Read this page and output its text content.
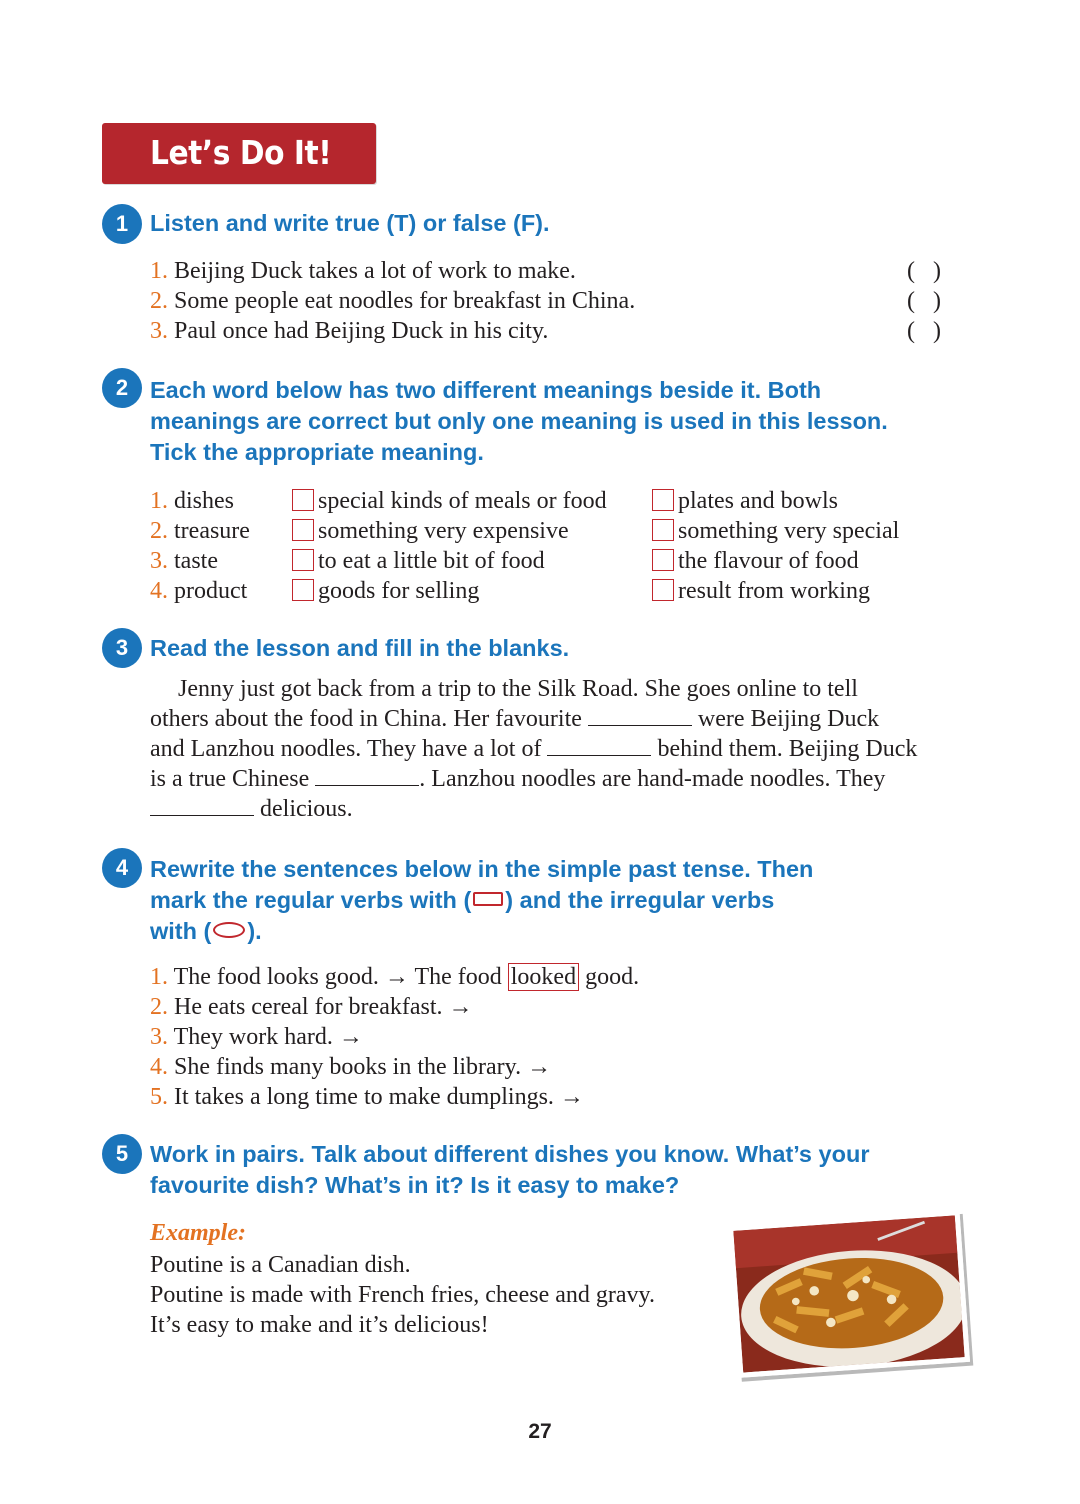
Let’s Do It!
1 Listen and write true (T) or false (F).
1. Beijing Duck takes a lot of work to make.	(   )
2. Some people eat noodles for breakfast in China.	(   )
3. Paul once had Beijing Duck in his city.	(   )
2 Each word below has two different meanings beside it. Both
meanings are correct but only one meaning is used in this lesson.
Tick the appropriate meaning.
1. dishes	special kinds of meals or food	plates and bowls
2. treasure	something very expensive	something very special
3. taste	to eat a little bit of food	the flavour of food
4. product	goods for selling	result from working
3 Read the lesson and fill in the blanks.
Jenny just got back from a trip to the Silk Road. She goes online to tell
others about the food in China. Her favourite	were Beijing Duck
and Lanzhou noodles. They have a lot of	behind them. Beijing Duck
is a true Chinese	. Lanzhou noodles are hand-made noodles. They
delicious.
4 Rewrite the sentences below in the simple past tense. Then
mark the regular verbs with ( ) and the irregular verbs
with ( ).
1. The food looks good. → The food looked good.
2. He eats cereal for breakfast. →
3. They work hard. →
4. She finds many books in the library. →
5. It takes a long time to make dumplings. →
5 Work in pairs. Talk about different dishes you know. What’s your
favourite dish? What’s in it? Is it easy to make?
Example:
Poutine is a Canadian dish.
Poutine is made with French fries, cheese and gravy.
It’s easy to make and it’s delicious!
27
